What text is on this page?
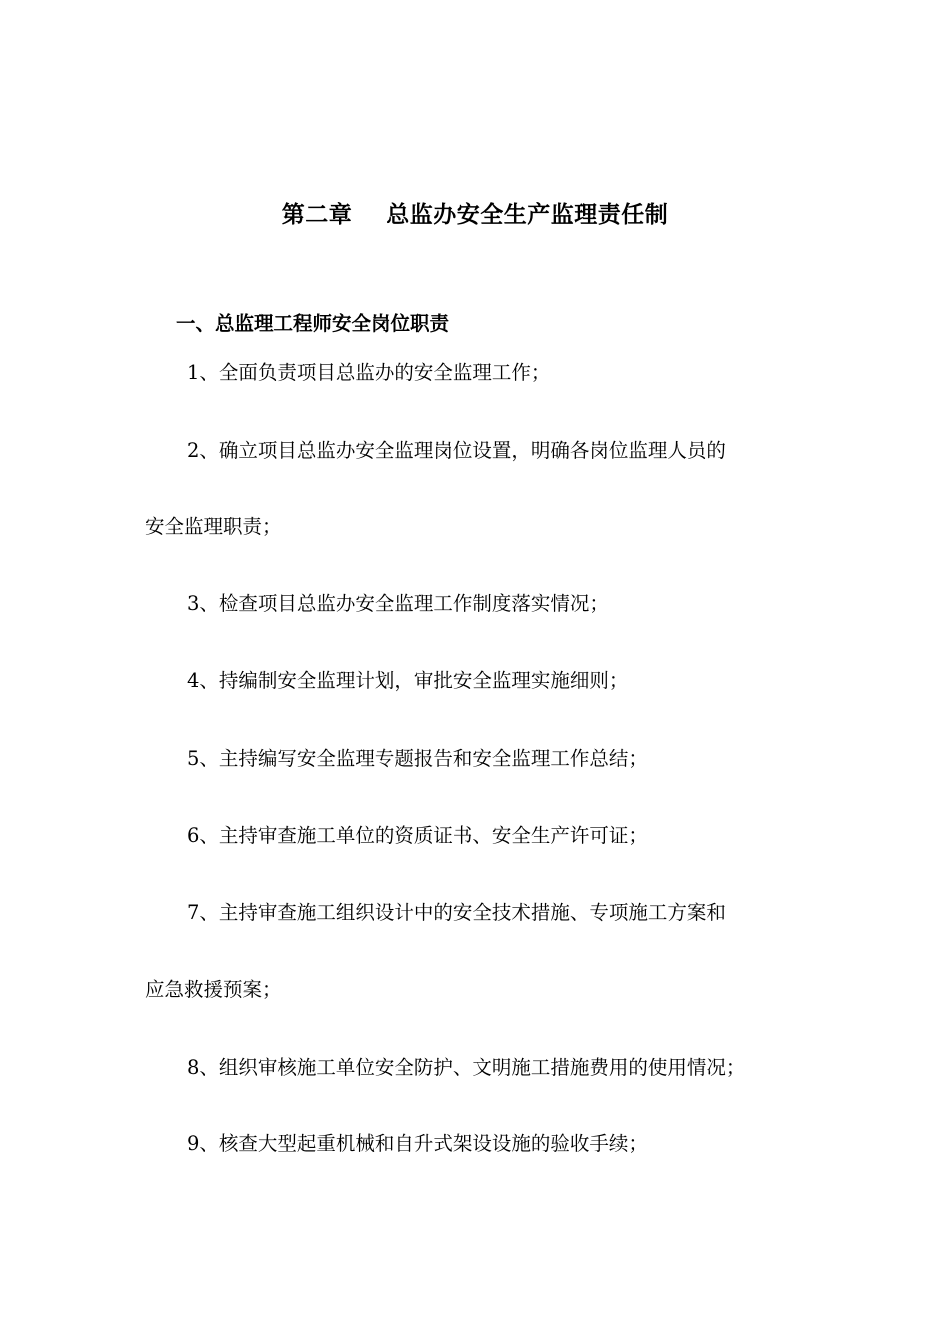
第二章    总监办安全生产监理责任制
一、总监理工程师安全岗位职责
1、全面负责项目总监办的安全监理工作；
2、确立项目总监办安全监理岗位设置，明确各岗位监理人员的
安全监理职责；
3、检查项目总监办安全监理工作制度落实情况；
4、持编制安全监理计划，审批安全监理实施细则；
5、主持编写安全监理专题报告和安全监理工作总结；
6、主持审查施工单位的资质证书、安全生产许可证；
7、主持审查施工组织设计中的安全技术措施、专项施工方案和
应急救援预案；
8、组织审核施工单位安全防护、文明施工措施费用的使用情况；
9、核查大型起重机械和自升式架设设施的验收手续；
